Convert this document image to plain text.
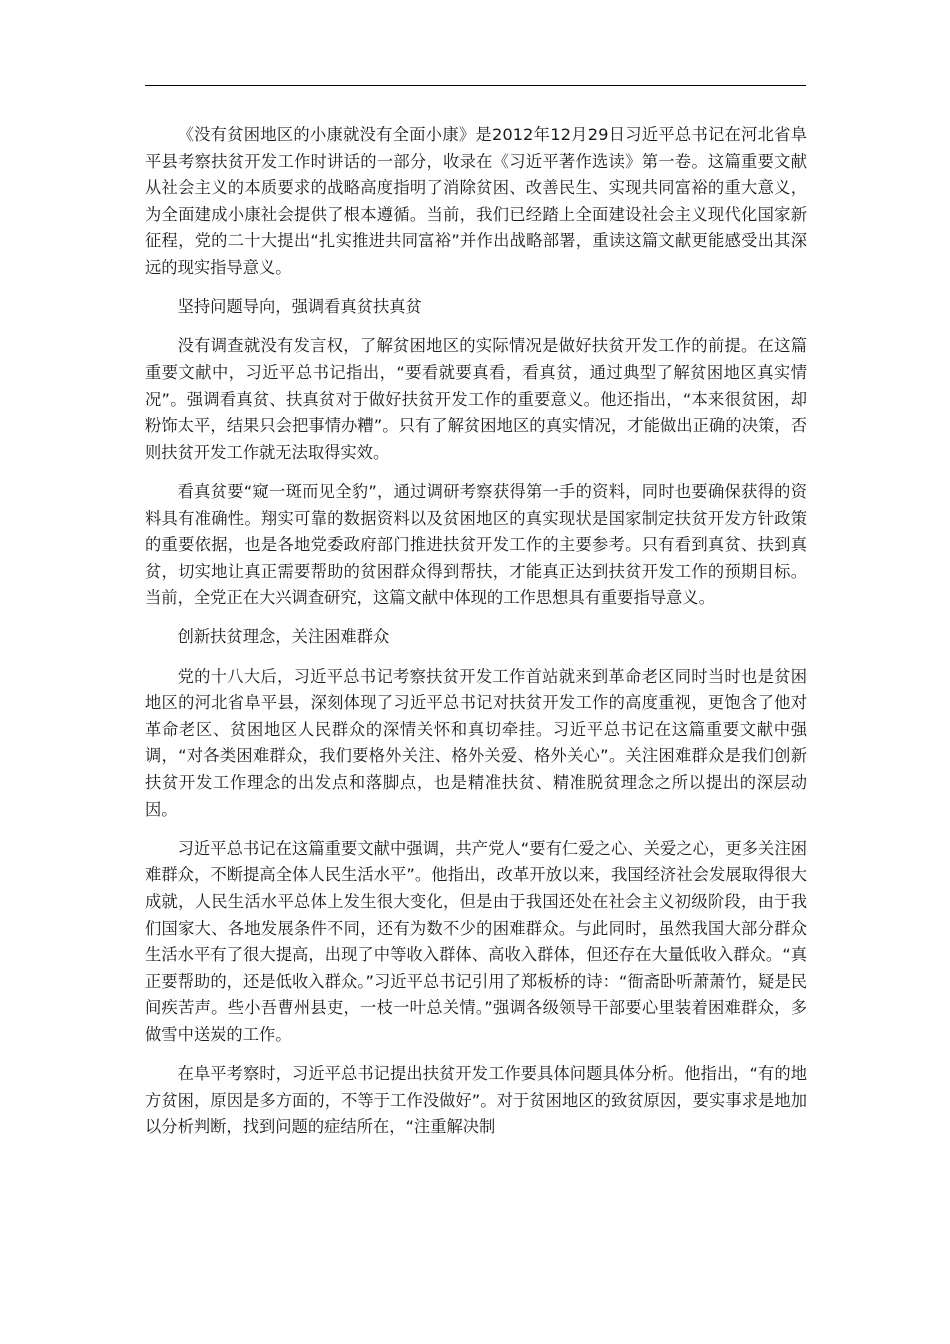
《没有贫困地区的小康就没有全面小康》是2012年12月29日习近平总书记在河北省阜平县考察扶贫开发工作时讲话的一部分，收录在《习近平著作选读》第一卷。这篇重要文献从社会主义的本质要求的战略高度指明了消除贫困、改善民生、实现共同富裕的重大意义，为全面建成小康社会提供了根本遵循。当前，我们已经踏上全面建设社会主义现代化国家新征程，党的二十大提出“扎实推进共同富裕”并作出战略部署，重读这篇文献更能感受出其深远的现实指导意义。

坚持问题导向，强调看真贫扶真贫

没有调查就没有发言权，了解贫困地区的实际情况是做好扶贫开发工作的前提。在这篇重要文献中，习近平总书记指出，“要看就要真看，看真贫，通过典型了解贫困地区真实情况”。强调看真贫、扶真贫对于做好扶贫开发工作的重要意义。他还指出，“本来很贫困，却粉饰太平，结果只会把事情办糟”。只有了解贫困地区的真实情况，才能做出正确的决策，否则扶贫开发工作就无法取得实效。

看真贫要“窥一斑而见全豹”，通过调研考察获得第一手的资料，同时也要确保获得的资料具有准确性。翔实可靠的数据资料以及贫困地区的真实现状是国家制定扶贫开发方针政策的重要依据，也是各地党委政府部门推进扶贫开发工作的主要参考。只有看到真贫、扶到真贫，切实地让真正需要帮助的贫困群众得到帮扶，才能真正达到扶贫开发工作的预期目标。当前，全党正在大兴调查研究，这篇文献中体现的工作思想具有重要指导意义。

创新扶贫理念，关注困难群众

党的十八大后，习近平总书记考察扶贫开发工作首站就来到革命老区同时当时也是贫困地区的河北省阜平县，深刻体现了习近平总书记对扶贫开发工作的高度重视，更饱含了他对革命老区、贫困地区人民群众的深情关怀和真切牵挂。习近平总书记在这篇重要文献中强调，“对各类困难群众，我们要格外关注、格外关爱、格外关心”。关注困难群众是我们创新扶贫开发工作理念的出发点和落脚点，也是精准扶贫、精准脱贫理念之所以提出的深层动因。

习近平总书记在这篇重要文献中强调，共产党人“要有仁爱之心、关爱之心，更多关注困难群众，不断提高全体人民生活水平”。他指出，改革开放以来，我国经济社会发展取得很大成就，人民生活水平总体上发生很大变化，但是由于我国还处在社会主义初级阶段，由于我们国家大、各地发展条件不同，还有为数不少的困难群众。与此同时，虽然我国大部分群众生活水平有了很大提高，出现了中等收入群体、高收入群体，但还存在大量低收入群众。“真正要帮助的，还是低收入群众。”习近平总书记引用了郑板桥的诗：“衙斋卧听萧萧竹，疑是民间疾苦声。些小吾曹州县吏，一枝一叶总关情。”强调各级领导干部要心里装着困难群众，多做雪中送炭的工作。

在阜平考察时，习近平总书记提出扶贫开发工作要具体问题具体分析。他指出，“有的地方贫困，原因是多方面的，不等于工作没做好”。对于贫困地区的致贫原因，要实事求是地加以分析判断，找到问题的症结所在，“注重解决制
